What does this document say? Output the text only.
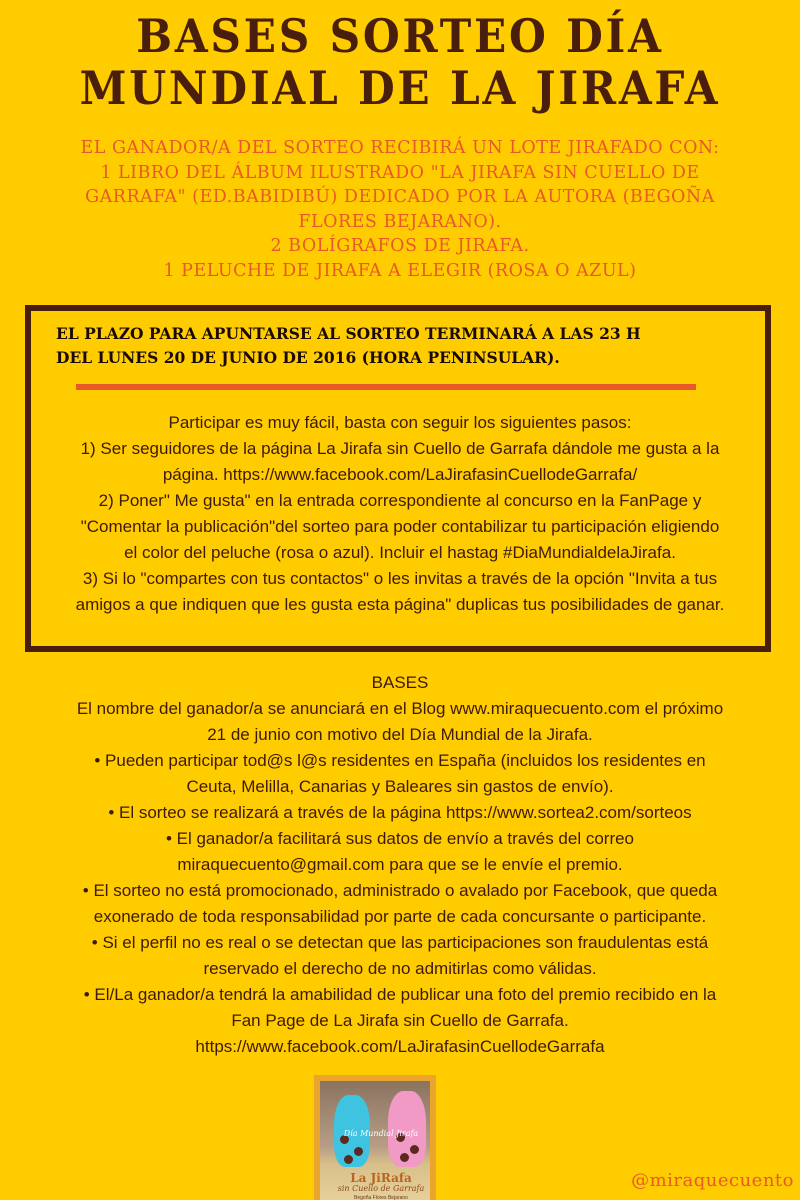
BASES SORTEO DÍA
MUNDIAL DE LA JIRAFA
EL GANADOR/A DEL SORTEO RECIBIRÁ UN LOTE JIRAFADO CON:
1 LIBRO DEL ÁLBUM ILUSTRADO "LA JIRAFA SIN CUELLO DE
GARRAFA" (ED.BABIDIBÚ) DEDICADO POR LA AUTORA (BEGOÑA
FLORES BEJARANO).
2 BOLÍGRAFOS DE JIRAFA.
1 PELUCHE DE JIRAFA A ELEGIR (ROSA O AZUL)
EL PLAZO PARA APUNTARSE AL SORTEO TERMINARÁ A LAS 23 H
DEL LUNES 20 DE JUNIO DE 2016 (HORA PENINSULAR).
Participar es muy fácil, basta con seguir los siguientes pasos:
1) Ser seguidores de la página La Jirafa sin Cuello de Garrafa dándole me gusta a la
página. https://www.facebook.com/LaJirafasinCuellodeGarrafa/
2) Poner" Me gusta" en la entrada correspondiente al concurso en la FanPage y
"Comentar la publicación"del sorteo para poder contabilizar tu participación eligiendo
el color del peluche (rosa o azul). Incluir el hastag #DiaMundialdelaJirafa.
3) Si lo "compartes con tus contactos" o les invitas a través de la opción "Invita a tus
amigos a que indiquen que les gusta esta página" duplicas tus posibilidades de ganar.
BASES
El nombre del ganador/a se anunciará en el Blog www.miraquecuento.com el próximo
21 de junio con motivo del Día Mundial de la Jirafa.
• Pueden participar tod@s l@s residentes en España (incluidos los residentes en
Ceuta, Melilla, Canarias y Baleares sin gastos de envío).
• El sorteo se realizará a través de la página https://www.sortea2.com/sorteos
• El ganador/a facilitará sus datos de envío a través del correo
miraquecuento@gmail.com para que se le envíe el premio.
• El sorteo no está promocionado, administrado o avalado por Facebook, que queda
exonerado de toda responsabilidad por parte de cada concursante o participante.
• Si el perfil no es real o se detectan que las participaciones son fraudulentas está
reservado el derecho de no admitirlas como válidas.
• El/La ganador/a tendrá la amabilidad de publicar una foto del premio recibido en la
Fan Page de La Jirafa sin Cuello de Garrafa.
https://www.facebook.com/LaJirafasinCuellodeGarrafa
Día Mundial Jirafa
La JiRafa
sin Cuello de Garrafa
Begoña Flores Bejarano
@miraquecuento
